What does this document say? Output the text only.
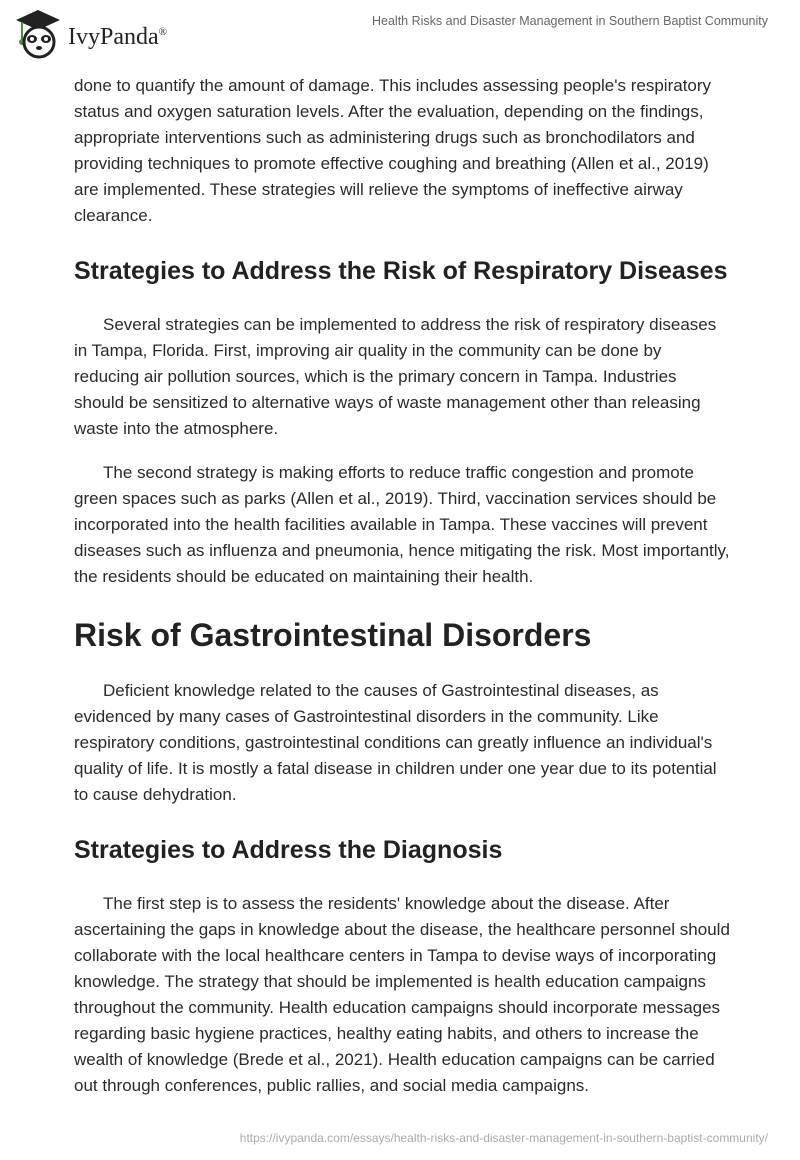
IvyPanda®
Health Risks and Disaster Management in Southern Baptist Community

done to quantify the amount of damage. This includes assessing people's respiratory status and oxygen saturation levels. After the evaluation, depending on the findings, appropriate interventions such as administering drugs such as bronchodilators and providing techniques to promote effective coughing and breathing (Allen et al., 2019) are implemented. These strategies will relieve the symptoms of ineffective airway clearance.

Strategies to Address the Risk of Respiratory Diseases

Several strategies can be implemented to address the risk of respiratory diseases in Tampa, Florida. First, improving air quality in the community can be done by reducing air pollution sources, which is the primary concern in Tampa. Industries should be sensitized to alternative ways of waste management other than releasing waste into the atmosphere.

The second strategy is making efforts to reduce traffic congestion and promote green spaces such as parks (Allen et al., 2019). Third, vaccination services should be incorporated into the health facilities available in Tampa. These vaccines will prevent diseases such as influenza and pneumonia, hence mitigating the risk. Most importantly, the residents should be educated on maintaining their health.

Risk of Gastrointestinal Disorders

Deficient knowledge related to the causes of Gastrointestinal diseases, as evidenced by many cases of Gastrointestinal disorders in the community. Like respiratory conditions, gastrointestinal conditions can greatly influence an individual's quality of life. It is mostly a fatal disease in children under one year due to its potential to cause dehydration.

Strategies to Address the Diagnosis

The first step is to assess the residents' knowledge about the disease. After ascertaining the gaps in knowledge about the disease, the healthcare personnel should collaborate with the local healthcare centers in Tampa to devise ways of incorporating knowledge. The strategy that should be implemented is health education campaigns throughout the community. Health education campaigns should incorporate messages regarding basic hygiene practices, healthy eating habits, and others to increase the wealth of knowledge (Brede et al., 2021). Health education campaigns can be carried out through conferences, public rallies, and social media campaigns.

https://ivypanda.com/essays/health-risks-and-disaster-management-in-southern-baptist-community/
